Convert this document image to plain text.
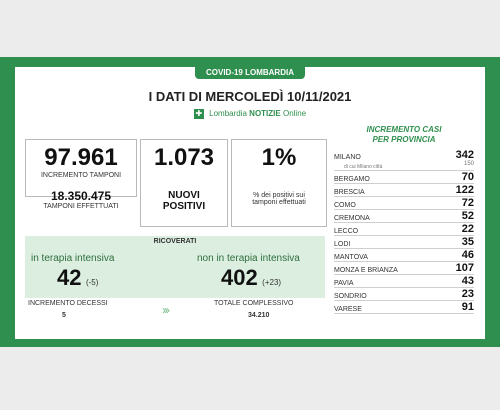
COVID-19 LOMBARDIA
I DATI DI MERCOLEDÌ 10/11/2021
✚ Lombardia NOTIZIE Online
97.961
INCREMENTO TAMPONI
18.350.475
TAMPONI EFFETTUATI
1.073
NUOVI
POSITIVI
1%
% dei positivi sui
tamponi effettuati
RICOVERATI
in terapia intensiva
42 (-5)
non in terapia intensiva
402 (+23)
INCREMENTO DECESSI
5	›››	TOTALE COMPLESSIVO
34.210
INCREMENTO CASI
PER PROVINCIA
MILANO	342
di cui Milano città	150
BERGAMO	70
BRESCIA	122
COMO	72
CREMONA	52
LECCO	22
LODI	35
MANTOVA	46
MONZA E BRIANZA	107
PAVIA	43
SONDRIO	23
VARESE	91
